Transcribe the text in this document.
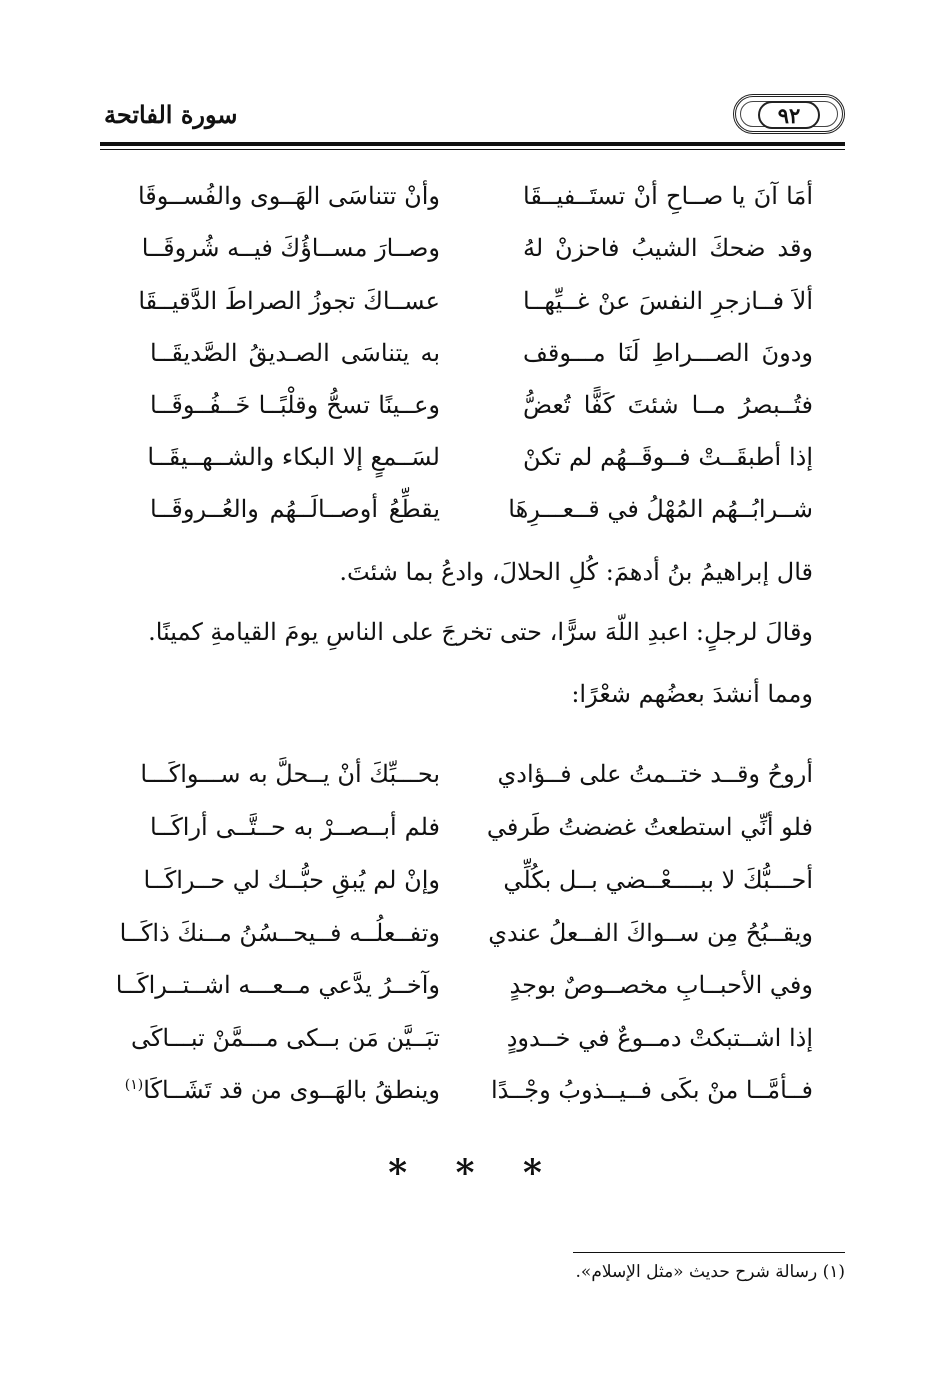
٩٢
سورة الفاتحة
أمَا آنَ يا صــاحِ أنْ تستَــفيــقَا
وأنْ تتناسَى الهَــوى والفُســوقَا
وقد ضحكَ الشيبُ فاحزنْ لهُ
وصــارَ مســاؤُكَ فيــه شُروقَــا
ألاَ فــازجرِ النفسَ عنْ غــيِّهــا
عســاكَ تجوزُ الصراطَ الدَّقيــقَا
ودونَ الصـــراطِ لَنَا مـــوقف
به يتناسَى الصـديقُ الصَّديقَــا
فتُــبصرُ مــا شئتَ كَفًّا تُعضُّ
وعــينًا تسحُّ وقلْبًــا خَــفُــوقَــا
إذا أطبقَــتْ فــوقَــهُم لم تكنْ
لسَــمعٍ إلا البكاء والشــهــيقَــا
شــرابُــهُم المُهْلُ في قــعـــرِهَا
يقطِّعُ أوصــالَــهُم والعُــروقَــا
قال إبراهيمُ بنُ أدهمَ: كُلِ الحلالَ، وادعُ بما شئتَ.
وقالَ لرجلٍ: اعبدِ اللّهَ سرًّا، حتى تخرجَ على الناسِ يومَ القيامةِ كمينًا.
ومما أنشدَ بعضُهم شعْرًا:
أروحُ وقــد ختــمتُ على فــؤادي
بحـــبِّكَ أنْ يــحلَّ به ســـواكَـــا
فلو أنِّي استطعتُ غضضتُ طَرفي
فلم أبــصــرْ به حــتَّــى أراكَــا
أحـــبُّكَ لا ببــــعْــضي بــل بكُلِّي
وإنْ لم يُبقِ حبُّــك لي حــراكَــا
ويقــبُحُ مِن ســواكَ الفــعلُ عندي
وتفــعلُــه فــيحــسُنُ مــنكَ ذاكَــا
وفي الأحبــابِ مخصــوصٌ بوجدٍ
وآخــرُ يدَّعي مــعـــه اشــتــراكَــا
إذا اشــتبكتْ دمــوعٌ في خــدودٍ
تبَــيَّن مَن بــكى مـــمَّنْ تبـــاكَى
فــأمَّــا منْ بكَى فــيــذوبُ وجْــدًا
وينطقُ بالهَــوى من قد تَشَــاكَا$^{(١)}$
* * *
(١) رسالة شرح حديث «مثل الإسلام».
